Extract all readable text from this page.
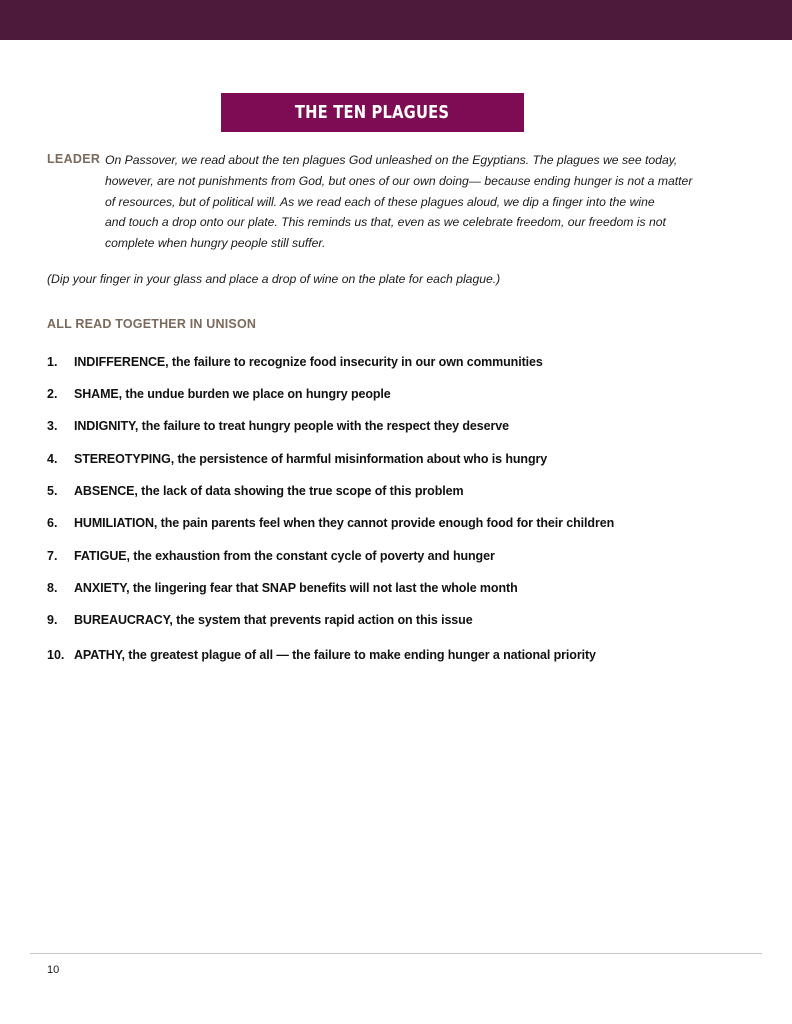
THE TEN PLAGUES
LEADER On Passover, we read about the ten plagues God unleashed on the Egyptians. The plagues we see today,
however, are not punishments from God, but ones of our own doing— because ending hunger is not a matter
of resources, but of political will. As we read each of these plagues aloud, we dip a finger into the wine
and touch a drop onto our plate. This reminds us that, even as we celebrate freedom, our freedom is not
complete when hungry people still suffer.

(Dip your finger in your glass and place a drop of wine on the plate for each plague.)

ALL READ TOGETHER IN UNISON
1. INDIFFERENCE, the failure to recognize food insecurity in our own communities
2. SHAME, the undue burden we place on hungry people
3. INDIGNITY, the failure to treat hungry people with the respect they deserve
4. STEREOTYPING, the persistence of harmful misinformation about who is hungry
5. ABSENCE, the lack of data showing the true scope of this problem
6. HUMILIATION, the pain parents feel when they cannot provide enough food for their children
7. FATIGUE, the exhaustion from the constant cycle of poverty and hunger
8. ANXIETY, the lingering fear that SNAP benefits will not last the whole month
9. BUREAUCRACY, the system that prevents rapid action on this issue
10. APATHY, the greatest plague of all — the failure to make ending hunger a national priority
10
